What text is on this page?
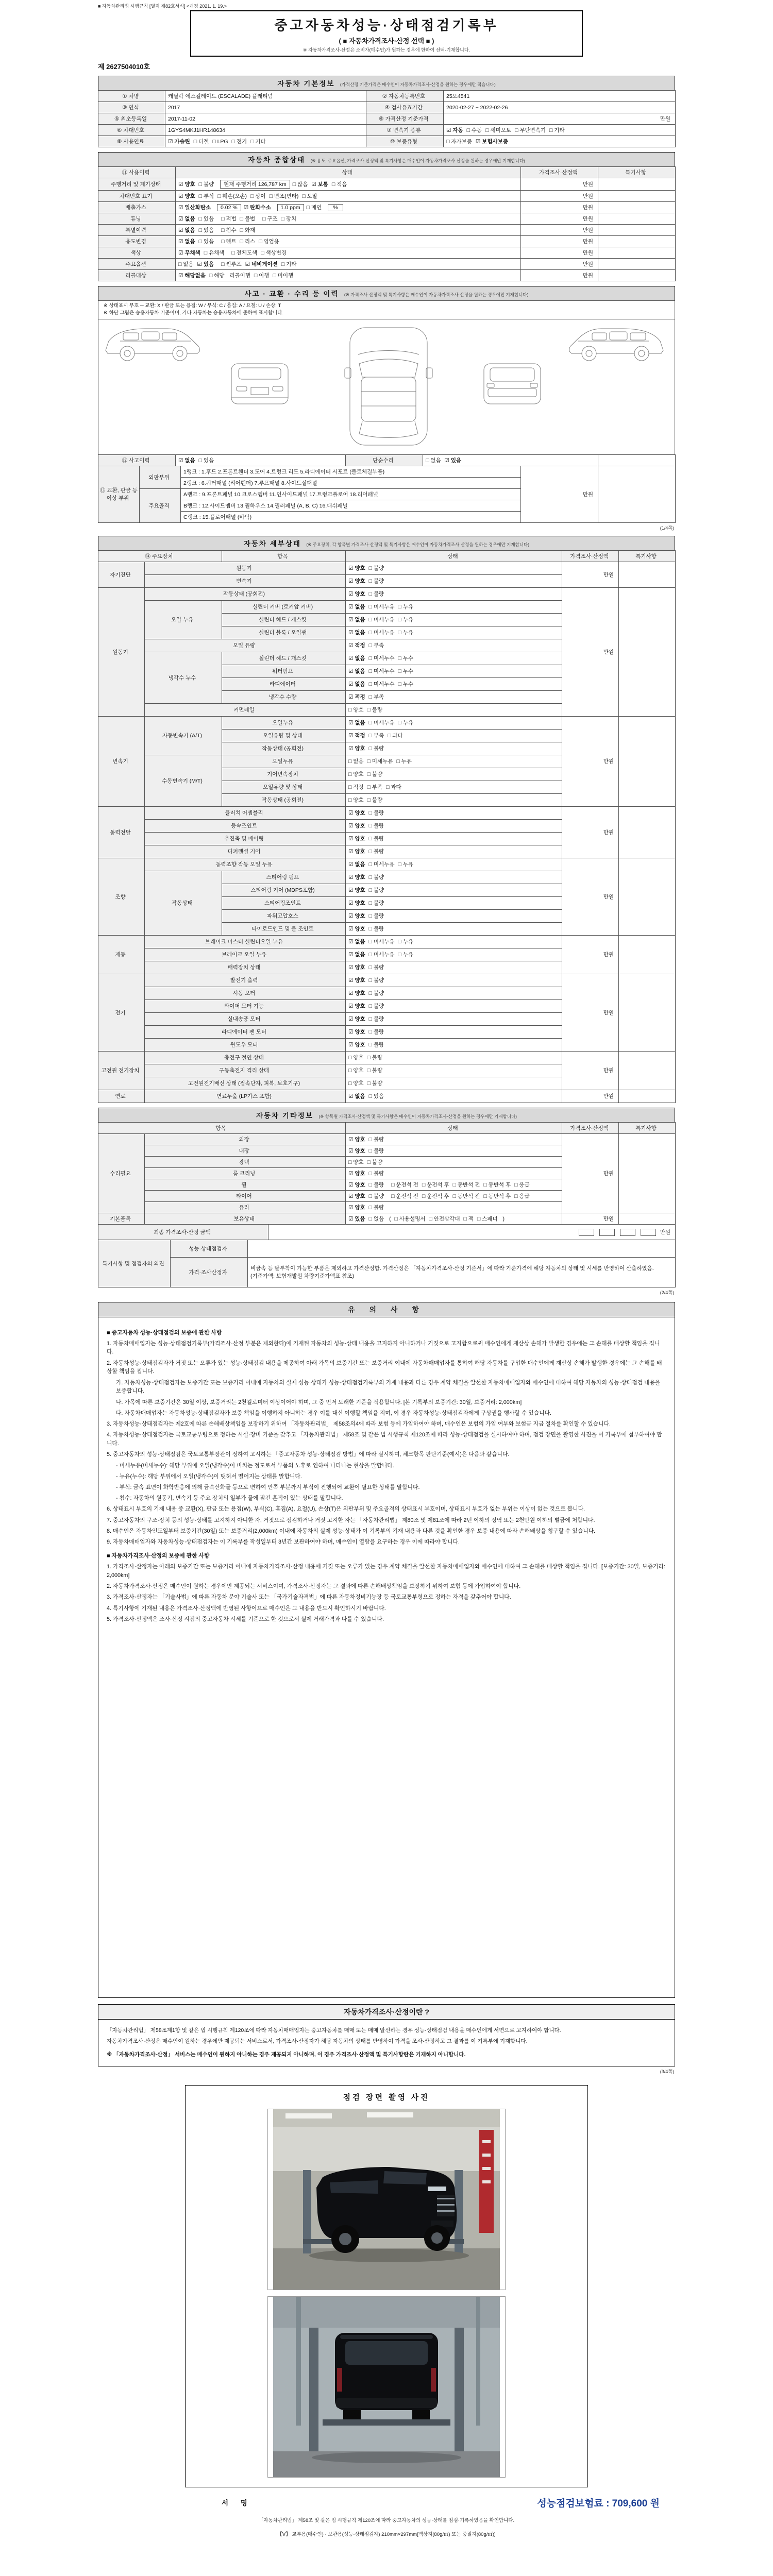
■ 자동차관리법 시행규칙 [별지 제82호서식] <개정 2021. 1. 19.>
중고자동차성능·상태점검기록부
( ■ 자동차가격조사·산정 선택 ■ )
※ 자동차가격조사·산정은 소비자(매수인)가 원하는 경우에 한하여 선택·기재합니다.
제 2627504010호
자동차 기본정보 (가격산정 기준가격은 매수인이 자동차가격조사·산정을 원하는 경우에만 적습니다)
① 차명	캐딜락 에스컬레이드 (ESCALADE) 플래티넘	② 자동차등록번호	25오4541
③ 연식	2017	④ 검사유효기간	2020-02-27 ~ 2022-02-26
⑤ 최초등록일	2017-11-02	⑨ 가격산정 기준가격	만원
⑥ 차대번호	1GYS4MKJ1HR148634	⑦ 변속기 종류	☑ 자동 □ 수동 □ 세미오토 □ 무단변속기 □ 기타
⑧ 사용연료	☑ 가솔린 □ 디젤 □ LPG □ 전기 □ 기타	⑩ 보증유형	□ 자가보증 ☑ 보험사보증
자동차 종합상태 (※ 용도, 주요옵션, 가격조사·산정액 및 특기사항은 매수인이 자동차가격조사·산정을 원하는 경우에만 기재합니다)
⑪ 사용이력	상태	가격조사·산정액	특기사항
주행거리 및 계기상태	☑ 양호 □ 불량 현재 주행거리 126,787 km □ 많음 ☑ 보통 □ 적음	만원	
차대번호 표기	☑ 양호 □ 부식 □ 훼손(오손) □ 상이 □ 변조(변타) □ 도말	만원	
배출가스	☑ 일산화탄소 0.02 % ☑ 탄화수소 1.0 ppm □ 매연%	만원	
튜닝	☑ 없음 □ 있음 □ 적법 □ 불법 □ 구조 □ 장치	만원	
특별이력	☑ 없음 □ 있음 □ 침수 □ 화재	만원	
용도변경	☑ 없음 □ 있음 □ 렌트 □ 리스 □ 영업용	만원	
색상	☑ 무채색 □ 유채색 □ 전체도색 □ 색상변경	만원	
주요옵션	□ 없음 ☑ 있음 □ 썬루프 ☑ 네비게이션 □ 기타	만원	
리콜대상	☑ 해당없음 □ 해당 리콜이행 □ 이행 □ 미이행	만원	
사고 · 교환 · 수리 등 이력 (※ 가격조사·산정액 및 특기사항은 매수인이 자동차가격조사·산정을 원하는 경우에만 기재합니다)
※ 상태표시 부호 ─ 교환: X / 판금 또는 용접: W / 부식: C / 흠집: A / 요철: U / 손상: T
※ 하단 그림은 승용자동차 기준이며, 기타 자동차는 승용자동차에 준하여 표시합니다.
⑫ 사고이력	☑ 없음 □ 있음	단순수리	□ 없음 ☑ 있음	
⑬ 교환, 판금 등 이상 부위	외판부위	1랭크 : 1.후드 2.프론트휀더 3.도어 4.트렁크 리드 5.라디에이터 서포트 (볼트체결부품)	만원	
		2랭크 : 6.쿼터패널 (리어휀더) 7.루프패널 8.사이드실패널		
	주요골격	A랭크 : 9.프론트패널 10.크로스멤버 11.인사이드패널 17.트렁크플로어 18.리어패널		
		B랭크 : 12.사이드멤버 13.휠하우스 14.필러패널 (A, B, C) 16.대쉬패널		
		C랭크 : 15.플로어패널 (바닥)		
(1/4쪽)
자동차 세부상태 (※ 주요장치, 각 항목별 가격조사·산정액 및 특기사항은 매수인이 자동차가격조사·산정을 원하는 경우에만 기재합니다)
⑭ 주요장치		항목	상태	가격조사·산정액	특기사항
자기진단	원동기		☑ 양호 □ 불량	만원	
	변속기		☑ 양호 □ 불량		
원동기	작동상태 (공회전)		☑ 양호 □ 불량	만원	
	오일 누유	실린더 커버 (로커암 커버)	☑ 없음 □ 미세누유 □ 누유		
		실린더 헤드 / 개스킷	☑ 없음 □ 미세누유 □ 누유		
		실린더 블록 / 오일팬	☑ 없음 □ 미세누유 □ 누유		
	오일 유량		☑ 적정 □ 부족		
	냉각수 누수	실린더 헤드 / 개스킷	☑ 없음 □ 미세누수 □ 누수		
		워터펌프	☑ 없음 □ 미세누수 □ 누수		
		라디에이터	☑ 없음 □ 미세누수 □ 누수		
		냉각수 수량	☑ 적정 □ 부족		
	커먼레일		□ 양호 □ 불량		
변속기	자동변속기 (A/T)	오일누유	☑ 없음 □ 미세누유 □ 누유	만원	
		오일유량 및 상태	☑ 적정 □ 부족 □ 과다		
		작동상태 (공회전)	☑ 양호 □ 불량		
	수동변속기 (M/T)	오일누유	□ 없음 □ 미세누유 □ 누유		
		기어변속장치	□ 양호 □ 불량		
		오일유량 및 상태	□ 적정 □ 부족 □ 과다		
		작동상태 (공회전)	□ 양호 □ 불량		
동력전달	클러치 어셈블리		☑ 양호 □ 불량	만원	
	등속조인트		☑ 양호 □ 불량		
	추진축 및 베어링		☑ 양호 □ 불량		
	디퍼렌셜 기어		☑ 양호 □ 불량		
조향	동력조향 작동 오일 누유		☑ 없음 □ 미세누유 □ 누유	만원	
	작동상태	스티어링 펌프	☑ 양호 □ 불량		
		스티어링 기어 (MDPS포함)	☑ 양호 □ 불량		
		스티어링조인트	☑ 양호 □ 불량		
		파워고압호스	☑ 양호 □ 불량		
		타이로드엔드 및 볼 조인트	☑ 양호 □ 불량		
제동	브레이크 마스터 실린더오일 누유		☑ 없음 □ 미세누유 □ 누유	만원	
	브레이크 오일 누유		☑ 없음 □ 미세누유 □ 누유		
	배력장치 상태		☑ 양호 □ 불량		
전기	발전기 출력		☑ 양호 □ 불량	만원	
	시동 모터		☑ 양호 □ 불량		
	와이퍼 모터 기능		☑ 양호 □ 불량		
	실내송풍 모터		☑ 양호 □ 불량		
	라디에이터 팬 모터		☑ 양호 □ 불량		
	윈도우 모터		☑ 양호 □ 불량		
고전원 전기장치	충전구 절연 상태		□ 양호 □ 불량	만원	
	구동축전지 격리 상태		□ 양호 □ 불량		
	고전원전기배선 상태 (접속단자, 피복, 보호기구)		□ 양호 □ 불량		
연료	연료누출 (LP가스 포함)		☑ 없음 □ 있음	만원	
자동차 기타정보 (※ 항목별 가격조사·산정액 및 특기사항은 매수인이 자동차가격조사·산정을 원하는 경우에만 기재합니다)
항목		상태	가격조사·산정액	특기사항
수리필요	외장	☑ 양호 □ 불량	만원	
	내장	☑ 양호 □ 불량		
	광택	□ 양호 □ 불량		
	룸 크리닝	☑ 양호 □ 불량		
	휠	☑ 양호 □ 불량 □ 운전석 전 □ 운전석 후 □ 동반석 전 □ 동반석 후 □ 응급		
	타이어	☑ 양호 □ 불량 □ 운전석 전 □ 운전석 후 □ 동반석 전 □ 동반석 후 □ 응급		
	유리	☑ 양호 □ 불량		
기본품목	보유상태	☑ 있음 □ 없음 ( □ 사용설명서 □ 안전삼각대 □ 잭 □ 스패너 )	만원	
최종 가격조사·산정 금액	만원
특기사항 및 점검자의 의견	성능·상태점검자	
	가격·조사산정자	비금속 등 탈부착이 가능한 부품은 제외하고 가격산정함. 가격산정은 「자동차가격조사·산정 기준서」에 따라 기준가격에 해당 자동차의 상태 및 시세를 반영하여 산출하였음. (기준가액: 보험개발원 차량기준가액표 참조)
(2/4쪽)
유 의 사 항
■ 중고자동차 성능·상태점검의 보증에 관한 사항
1. 자동차매매업자는 성능·상태점검기록부(가격조사·산정 부분은 제외한다)에 기재된 자동차의 성능·상태 내용을 고지하지 아니하거나 거짓으로 고지함으로써 매수인에게 재산상 손해가 발생한 경우에는 그 손해를 배상할 책임을 집니다.
2. 자동차성능·상태점검자가 거짓 또는 오류가 있는 성능·상태점검 내용을 제공하여 아래 가목의 보증기간 또는 보증거리 이내에 자동차매매업자를 통하여 해당 자동차를 구입한 매수인에게 재산상 손해가 발생한 경우에는 그 손해를 배상할 책임을 집니다.
가. 자동차성능·상태점검자는 보증기간 또는 보증거리 이내에 자동차의 실제 성능·상태가 성능·상태점검기록부의 기재 내용과 다른 경우 계약 체결을 알선한 자동차매매업자와 매수인에 대하여 해당 자동차의 성능·상태점검 내용을 보증합니다.
나. 가목에 따른 보증기간은 30일 이상, 보증거리는 2천킬로미터 이상이어야 하며, 그 중 먼저 도래한 기준을 적용합니다. [본 기록부의 보증기간: 30일, 보증거리: 2,000km]
다. 자동차매매업자는 자동차성능·상태점검자가 보증 책임을 이행하지 아니하는 경우 이를 대신 이행할 책임을 지며, 이 경우 자동차성능·상태점검자에게 구상권을 행사할 수 있습니다.
3. 자동차성능·상태점검자는 제2호에 따른 손해배상책임을 보장하기 위하여 「자동차관리법」 제58조의4에 따라 보험 등에 가입하여야 하며, 매수인은 보험의 가입 여부와 보험금 지급 절차를 확인할 수 있습니다.
4. 자동차성능·상태점검자는 국토교통부령으로 정하는 시설·장비 기준을 갖추고 「자동차관리법」 제58조 및 같은 법 시행규칙 제120조에 따라 성능·상태점검을 실시하여야 하며, 점검 장면을 촬영한 사진을 이 기록부에 첨부하여야 합니다.
5. 중고자동차의 성능·상태점검은 국토교통부장관이 정하여 고시하는 「중고자동차 성능·상태점검 방법」에 따라 실시하며, 체크항목 판단기준(예시)은 다음과 같습니다.
- 미세누유(미세누수): 해당 부위에 오일(냉각수)이 비치는 정도로서 부품의 노후로 인하여 나타나는 현상을 말합니다.
- 누유(누수): 해당 부위에서 오일(냉각수)이 맺혀서 떨어지는 상태를 말합니다.
- 부식: 금속 표면이 화학반응에 의해 금속산화물 등으로 변하여 안쪽 부분까지 부식이 진행되어 교환이 필요한 상태를 말합니다.
- 침수: 자동차의 원동기, 변속기 등 주요 장치의 일부가 물에 잠긴 흔적이 있는 상태를 말합니다.
6. 상태표시 부호의 기재 내용 중 교환(X), 판금 또는 용접(W), 부식(C), 흠집(A), 요철(U), 손상(T)은 외판부위 및 주요골격의 상태표시 부호이며, 상태표시 부호가 없는 부위는 이상이 없는 것으로 봅니다.
7. 중고자동차의 구조·장치 등의 성능·상태를 고지하지 아니한 자, 거짓으로 점검하거나 거짓 고지한 자는 「자동차관리법」 제80조 및 제81조에 따라 2년 이하의 징역 또는 2천만원 이하의 벌금에 처합니다.
8. 매수인은 자동차인도일부터 보증기간(30일) 또는 보증거리(2,000km) 이내에 자동차의 실제 성능·상태가 이 기록부의 기재 내용과 다른 것을 확인한 경우 보증 내용에 따라 손해배상을 청구할 수 있습니다.
9. 자동차매매업자와 자동차성능·상태점검자는 이 기록부를 작성일부터 3년간 보관하여야 하며, 매수인이 열람을 요구하는 경우 이에 따라야 합니다.
■ 자동차가격조사·산정의 보증에 관한 사항
1. 가격조사·산정자는 아래의 보증기간 또는 보증거리 이내에 자동차가격조사·산정 내용에 거짓 또는 오류가 있는 경우 계약 체결을 알선한 자동차매매업자와 매수인에 대하여 그 손해를 배상할 책임을 집니다. [보증기간: 30일, 보증거리: 2,000km]
2. 자동차가격조사·산정은 매수인이 원하는 경우에만 제공되는 서비스이며, 가격조사·산정자는 그 결과에 따른 손해배상책임을 보장하기 위하여 보험 등에 가입하여야 합니다.
3. 가격조사·산정자는 「기술사법」에 따른 자동차 분야 기술사 또는 「국가기술자격법」에 따른 자동차정비기능장 등 국토교통부령으로 정하는 자격을 갖추어야 합니다.
4. 특기사항에 기재된 내용은 가격조사·산정액에 반영된 사항이므로 매수인은 그 내용을 반드시 확인하시기 바랍니다.
5. 가격조사·산정액은 조사·산정 시점의 중고자동차 시세를 기준으로 한 것으로서 실제 거래가격과 다를 수 있습니다.
자동차가격조사·산정이란 ?
「자동차관리법」 제58조제1항 및 같은 법 시행규칙 제120조에 따라 자동차매매업자는 중고자동차를 매매 또는 매매 알선하는 경우 성능·상태점검 내용을 매수인에게 서면으로 고지하여야 합니다.
자동차가격조사·산정은 매수인이 원하는 경우에만 제공되는 서비스로서, 가격조사·산정자가 해당 자동차의 상태를 반영하여 가격을 조사·산정하고 그 결과를 이 기록부에 기재합니다.
※ 「자동차가격조사·산정」 서비스는 매수인이 원하지 아니하는 경우 제공되지 아니하며, 이 경우 가격조사·산정액 및 특기사항란은 기재하지 아니합니다.
(3/4쪽)
점검 장면 촬영 사진
서 명	성능점검보험료 : 709,600 원
「자동차관리법」 제58조 및 같은 법 시행규칙 제120조에 따라 중고자동차의 성능·상태를 점검·기록하였음을 확인합니다.
【Ⅴ】 교부용(매수인) · 보관용(성능·상태점검자) 210mm×297mm[백상지(80g/㎡) 또는 중질지(80g/㎡)]
